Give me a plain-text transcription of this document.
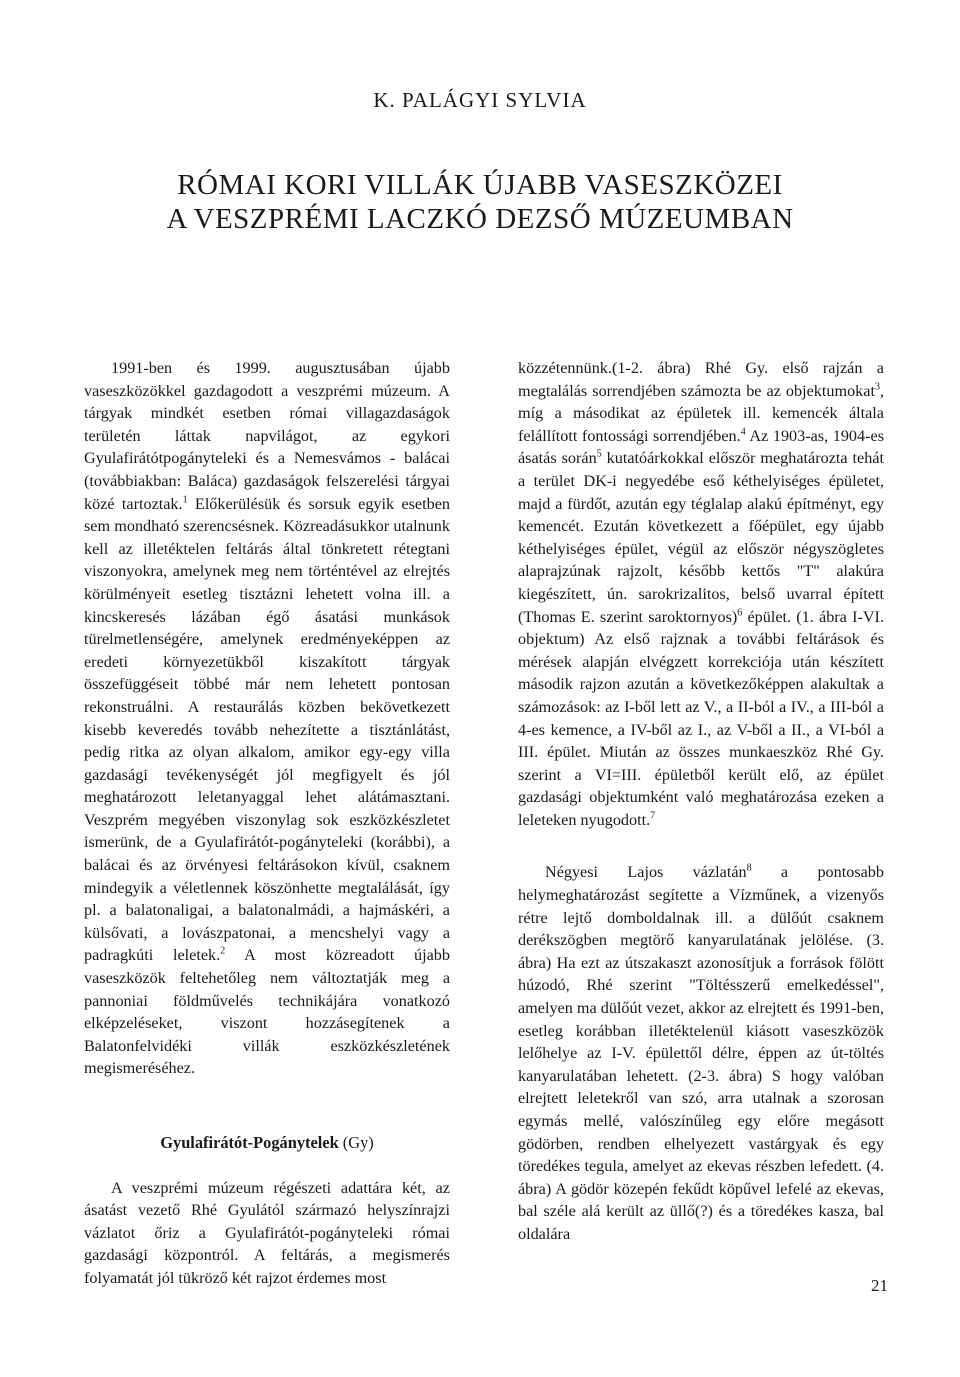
K. PALÁGYI SYLVIA
RÓMAI KORI VILLÁK ÚJABB VASESZKÖZEI
A VESZPRÉMI LACZKÓ DEZSŐ MÚZEUMBAN

1991-ben és 1999. augusztusában újabb vaseszközökkel gazdagodott a veszprémi múzeum. A tárgyak mindkét esetben római villagazdaságok területén láttak napvilágot, az egykori Gyulafirátótpogányteleki és a Nemesvámos - balácai (továbbiakban: Baláca) gazdaságok felszerelési tárgyai közé tartoztak.$^1$ Előkerülésük és sorsuk egyik esetben sem mondható szerencsésnek. Közreadásukkor utalnunk kell az illetéktelen feltárás által tönkretett rétegtani viszonyokra, amelynek meg nem történtével az elrejtés körülményeit esetleg tisztázni lehetett volna ill. a kincskeresés lázában égő ásatási munkások türelmetlenségére, amelynek eredményeképpen az eredeti környezetükből kiszakított tárgyak összefüggéseit többé már nem lehetett pontosan rekonstruálni. A restaurálás közben bekövetkezett kisebb keveredés tovább nehezítette a tisztánlátást, pedig ritka az olyan alkalom, amikor egy-egy villa gazdasági tevékenységét jól megfigyelt és jól meghatározott leletanyaggal lehet alátámasztani. Veszprém megyében viszonylag sok eszközkészletet ismerünk, de a Gyulafirátót-pogányteleki (korábbi), a balácai és az örvényesi feltárásokon kívül, csaknem mindegyik a véletlennek köszönhette megtalálását, így pl. a balatonaligai, a balatonalmádi, a hajmáskéri, a külsővati, a lovászpatonai, a mencshelyi vagy a padragkúti leletek.$^2$ A most közreadott újabb vaseszközök feltehetőleg nem változtatják meg a pannoniai földművelés technikájára vonatkozó elképzeléseket, viszont hozzásegítenek a Balatonfelvidéki villák eszközkészletének megismeréséhez.

Gyulafirátót-Pogánytelek (Gy)

A veszprémi múzeum régészeti adattára két, az ásatást vezető Rhé Gyulától származó helyszínrajzi vázlatot őriz a Gyulafirátót-pogányteleki római gazdasági központról. A feltárás, a megismerés folyamatát jól tükröző két rajzot érdemes most

közzétennünk.(1-2. ábra) Rhé Gy. első rajzán a megtalálás sorrendjében számozta be az objektumokat$^3$, míg a másodikat az épületek ill. kemencék általa felállított fontossági sorrendjében.$^4$ Az 1903-as, 1904-es ásatás során$^5$ kutatóárkokkal először meghatározta tehát a terület DK-i negyedébe eső kéthelyiséges épületet, majd a fürdőt, azután egy téglalap alakú építményt, egy kemencét. Ezután következett a főépület, egy újabb kéthelyiséges épület, végül az először négyszögletes alaprajzúnak rajzolt, később kettős "T" alakúra kiegészített, ún. sarokrizalitos, belső uvarral épített (Thomas E. szerint saroktornyos)$^6$ épület. (1. ábra I-VI. objektum) Az első rajznak a további feltárások és mérések alapján elvégzett korrekciója után készített második rajzon azután a következőképpen alakultak a számozások: az I-ből lett az V., a II-ból a IV., a III-ból a 4-es kemence, a IV-ből az I., az V-ből a II., a VI-ból a III. épület. Miután az összes munkaeszköz Rhé Gy. szerint a VI=III. épületből került elő, az épület gazdasági objektumként való meghatározása ezeken a leleteken nyugodott.$^7$

Négyesi Lajos vázlatán$^8$ a pontosabb helymeghatározást segítette a Vízműnek, a vizenyős rétre lejtő domboldalnak ill. a dülőút csaknem derékszögben megtörő kanyarulatának jelölése. (3. ábra) Ha ezt az útszakaszt azonosítjuk a források fölött húzodó, Rhé szerint "Töltésszerű emelkedéssel", amelyen ma dülőút vezet, akkor az elrejtett és 1991-ben, esetleg korábban illetéktelenül kiásott vaseszközök lelőhelye az I-V. épülettől délre, éppen az út-töltés kanyarulatában lehetett. (2-3. ábra) S hogy valóban elrejtett leletekről van szó, arra utalnak a szorosan egymás mellé, valószínűleg egy előre megásott gödörben, rendben elhelyezett vastárgyak és egy töredékes tegula, amelyet az ekevas részben lefedett. (4. ábra) A gödör közepén fekűdt köpűvel lefelé az ekevas, bal széle alá került az üllő(?) és a töredékes kasza, bal oldalára

21
